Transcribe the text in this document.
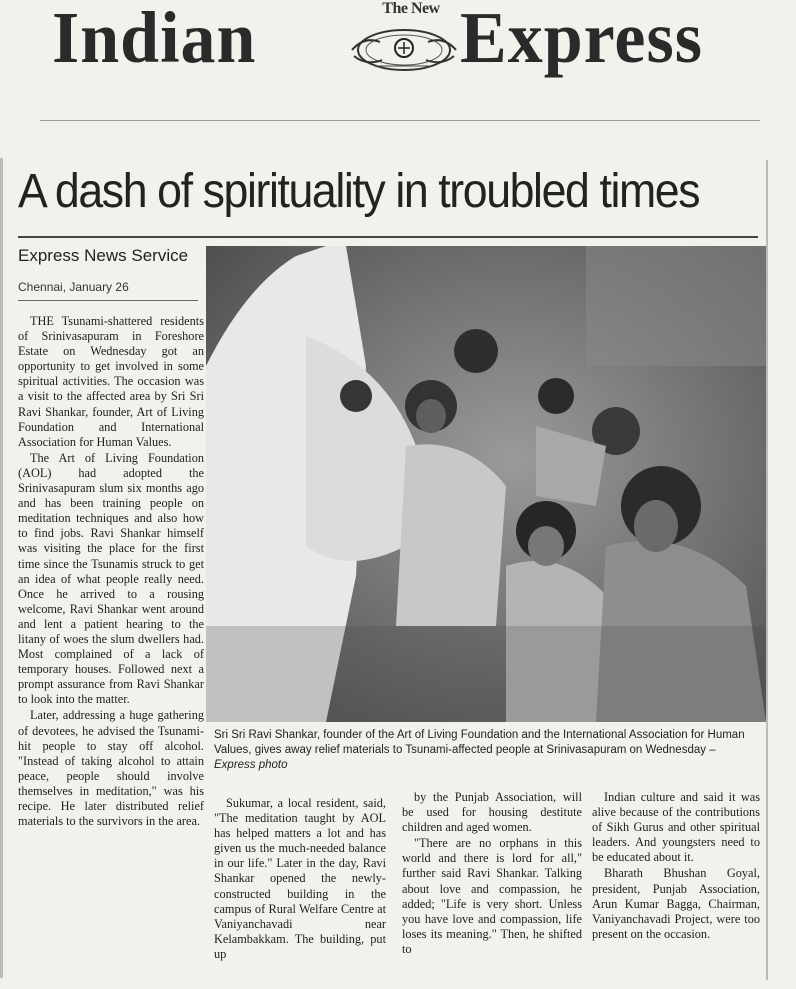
Indian	The New Express
A dash of spirituality in troubled times
Express News Service
Chennai, January 26

THE Tsunami-shattered residents of Srinivasapuram in Foreshore Estate on Wednesday got an opportunity to get involved in some spiritual activities. The occasion was a visit to the affected area by Sri Sri Ravi Shankar, founder, Art of Living Foundation and International Association for Human Values.

The Art of Living Foundation (AOL) had adopted the Srinivasapuram slum six months ago and has been training people on meditation techniques and also how to find jobs. Ravi Shankar himself was visiting the place for the first time since the Tsunamis struck to get an idea of what people really need. Once he arrived to a rousing welcome, Ravi Shankar went around and lent a patient hearing to the litany of woes the slum dwellers had. Most complained of a lack of temporary houses. Followed next a prompt assurance from Ravi Shankar to look into the matter.

Later, addressing a huge gathering of devotees, he advised the Tsunami-hit people to stay off alcohol. "Instead of taking alcohol to attain peace, people should involve themselves in meditation," was his recipe. He later distributed relief materials to the survivors in the area.

Sri Sri Ravi Shankar, founder of the Art of Living Foundation and the International Association for Human Values, gives away relief materials to Tsunami-affected people at Srinivasapuram on Wednesday – Express photo

Sukumar, a local resident, said, "The meditation taught by AOL has helped matters a lot and has given us the much-needed balance in our life." Later in the day, Ravi Shankar opened the newly-constructed building in the campus of Rural Welfare Centre at Vaniyanchavadi near Kelambakkam. The building, put up

by the Punjab Association, will be used for housing destitute children and aged women.

"There are no orphans in this world and there is lord for all," further said Ravi Shankar. Talking about love and compassion, he added; "Life is very short. Unless you have love and compassion, life loses its meaning." Then, he shifted to

Indian culture and said it was alive because of the contributions of Sikh Gurus and other spiritual leaders. And youngsters need to be educated about it.

Bharath Bhushan Goyal, president, Punjab Association, Arun Kumar Bagga, Chairman, Vaniyanchavadi Project, were too present on the occasion.
